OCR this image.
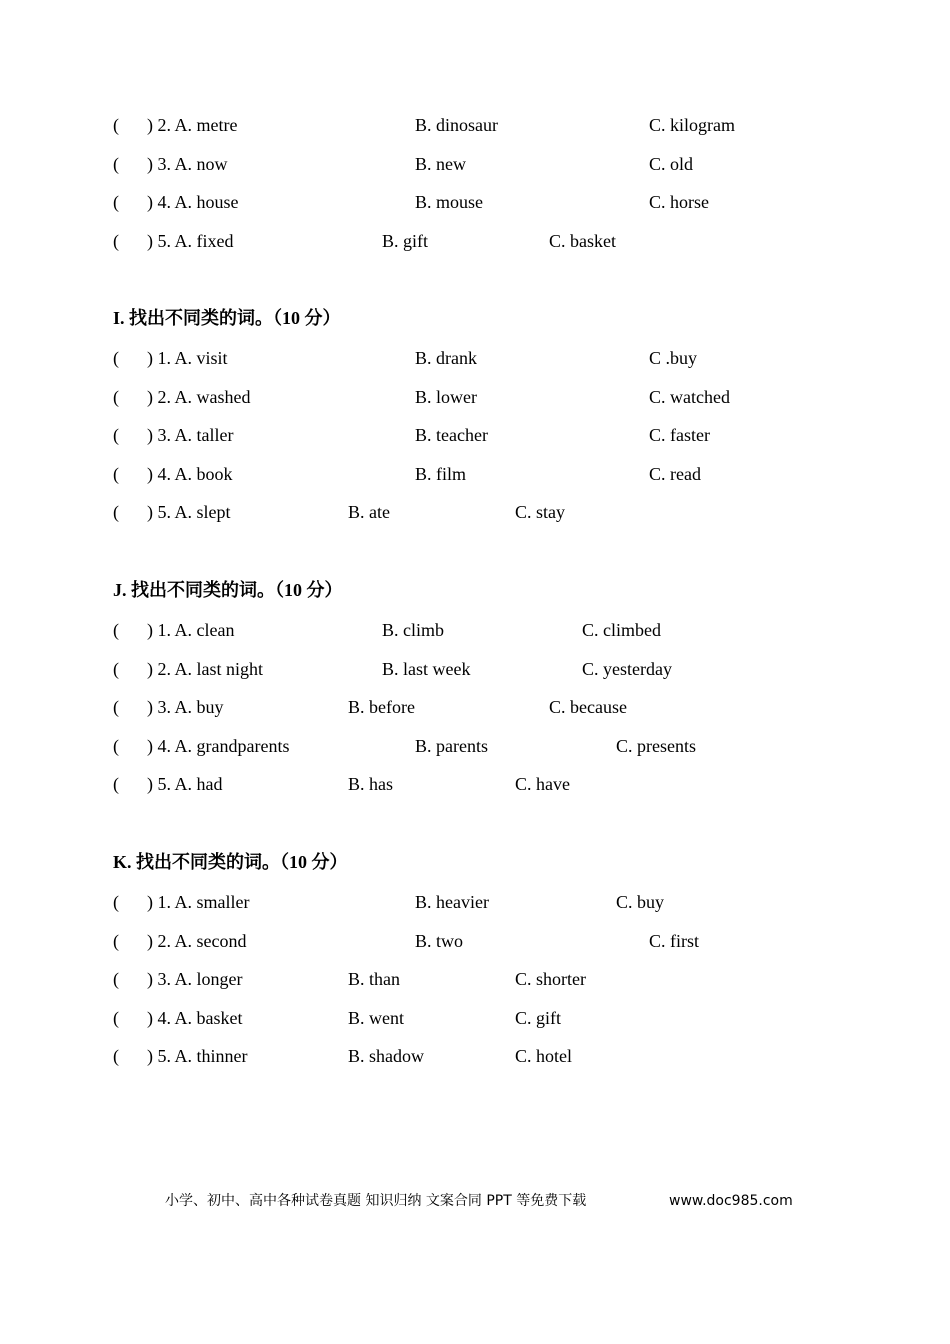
( ) 2. A. metre	B. dinosaur	C. kilogram
( ) 3. A. now	B. new	C. old
( ) 4. A. house	B. mouse	C. horse
( ) 5. A. fixed	B. gift	C. basket
I. 找出不同类的词。（10 分）
( ) 1. A. visit	B. drank	C .buy
( ) 2. A. washed	B. lower	C. watched
( ) 3. A. taller	B. teacher	C. faster
( ) 4. A. book	B. film	C. read
( ) 5. A. slept	B. ate	C. stay
J. 找出不同类的词。（10 分）
( ) 1. A. clean	B. climb	C. climbed
( ) 2. A. last night	B. last week	C. yesterday
( ) 3. A. buy	B. before	C. because
( ) 4. A. grandparents	B. parents	C. presents
( ) 5. A. had	B. has	C. have
K. 找出不同类的词。（10 分）
( ) 1. A. smaller	B. heavier	C. buy
( ) 2. A. second	B. two	C. first
( ) 3. A. longer	B. than	C. shorter
( ) 4. A. basket	B. went	C. gift
( ) 5. A. thinner	B. shadow	C. hotel
小学、初中、高中各种试卷真题 知识归纳 文案合同 PPT 等免费下载	www.doc985.com
